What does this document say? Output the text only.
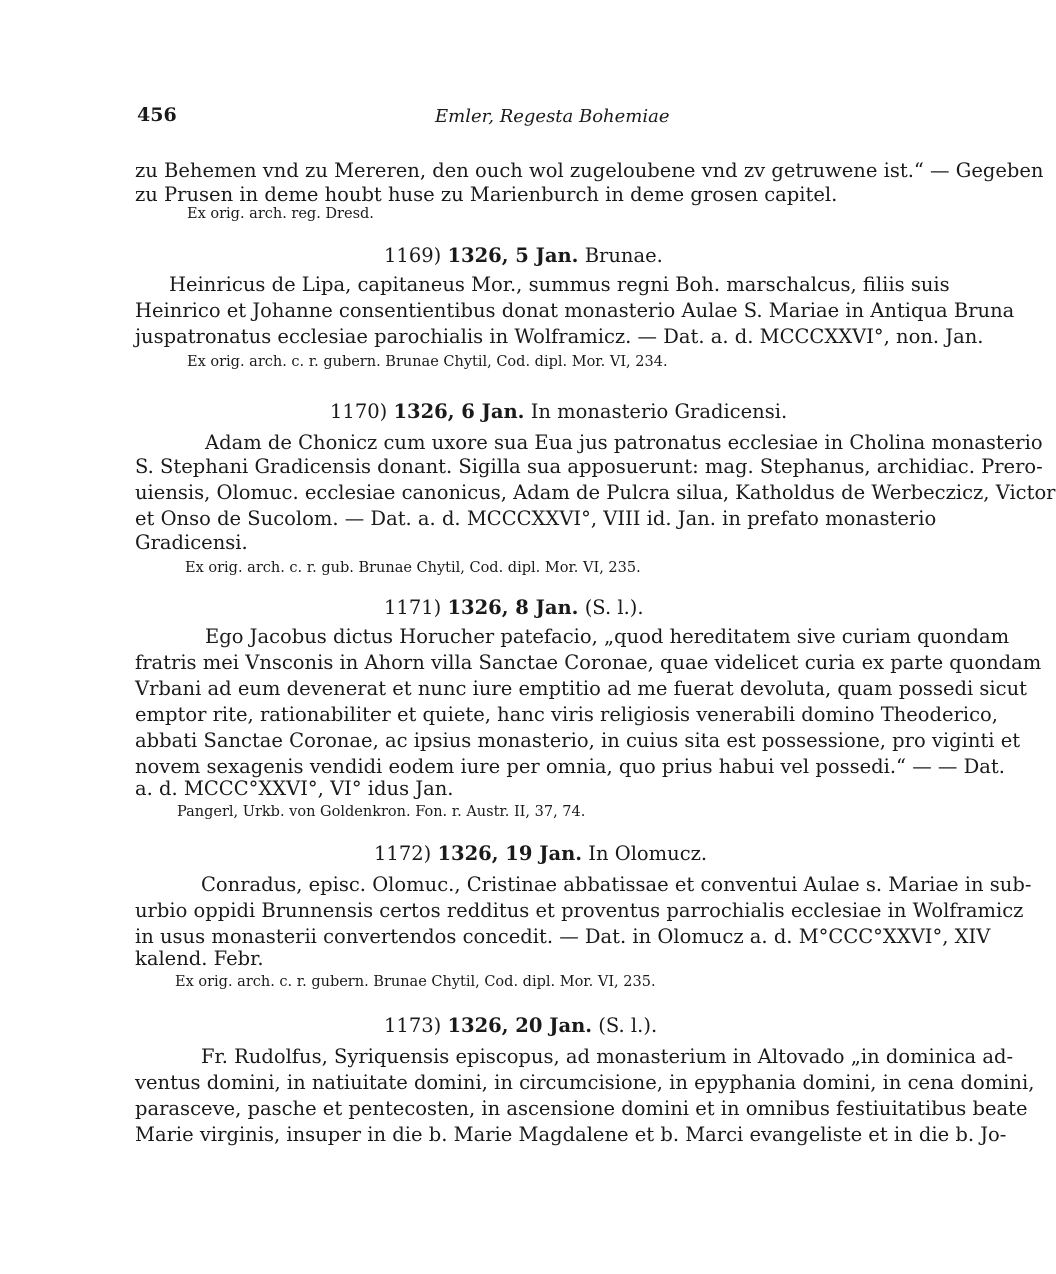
456	Emler, Regesta Bohemiae
zu Behemen vnd zu Mereren, den ouch wol zugeloubene vnd zv getruwene ist.“ — Gegeben
zu Prusen in deme houbt huse zu Marienburch in deme grosen capitel.
Ex orig. arch. reg. Dresd.
1169) 1326, 5 Jan. Brunae.
Heinricus de Lipa, capitaneus Mor., summus regni Boh. marschalcus, filiis suis
Heinrico et Johanne consentientibus donat monasterio Aulae S. Mariae in Antiqua Bruna
juspatronatus ecclesiae parochialis in Wolframicz. — Dat. a. d. MCCCXXVI°, non. Jan.
Ex orig. arch. c. r. gubern. Brunae Chytil, Cod. dipl. Mor. VI, 234.
1170) 1326, 6 Jan. In monasterio Gradicensi.
Adam de Chonicz cum uxore sua Eua jus patronatus ecclesiae in Cholina monasterio
S. Stephani Gradicensis donant. Sigilla sua apposuerunt: mag. Stephanus, archidiac. Prero-
uiensis, Olomuc. ecclesiae canonicus, Adam de Pulcra silua, Katholdus de Werbeczicz, Victor
et Onso de Sucolom. — Dat. a. d. MCCCXXVI°, VIII id. Jan. in prefato monasterio
Gradicensi.
Ex orig. arch. c. r. gub. Brunae Chytil, Cod. dipl. Mor. VI, 235.
1171) 1326, 8 Jan. (S. l.).
Ego Jacobus dictus Horucher patefacio, „quod hereditatem sive curiam quondam
fratris mei Vnsconis in Ahorn villa Sanctae Coronae, quae videlicet curia ex parte quondam
Vrbani ad eum devenerat et nunc iure emptitio ad me fuerat devoluta, quam possedi sicut
emptor rite, rationabiliter et quiete, hanc viris religiosis venerabili domino Theoderico,
abbati Sanctae Coronae, ac ipsius monasterio, in cuius sita est possessione, pro viginti et
novem sexagenis vendidi eodem iure per omnia, quo prius habui vel possedi.“ — — Dat.
a. d. MCCC°XXVI°, VI° idus Jan.
Pangerl, Urkb. von Goldenkron. Fon. r. Austr. II, 37, 74.
1172) 1326, 19 Jan. In Olomucz.
Conradus, episc. Olomuc., Cristinae abbatissae et conventui Aulae s. Mariae in sub-
urbio oppidi Brunnensis certos redditus et proventus parrochialis ecclesiae in Wolframicz
in usus monasterii convertendos concedit. — Dat. in Olomucz a. d. M°CCC°XXVI°, XIV
kalend. Febr.
Ex orig. arch. c. r. gubern. Brunae Chytil, Cod. dipl. Mor. VI, 235.
1173) 1326, 20 Jan. (S. l.).
Fr. Rudolfus, Syriquensis episcopus, ad monasterium in Altovado „in dominica ad-
ventus domini, in natiuitate domini, in circumcisione, in epyphania domini, in cena domini,
parasceve, pasche et pentecosten, in ascensione domini et in omnibus festiuitatibus beate
Marie virginis, insuper in die b. Marie Magdalene et b. Marci evangeliste et in die b. Jo-
